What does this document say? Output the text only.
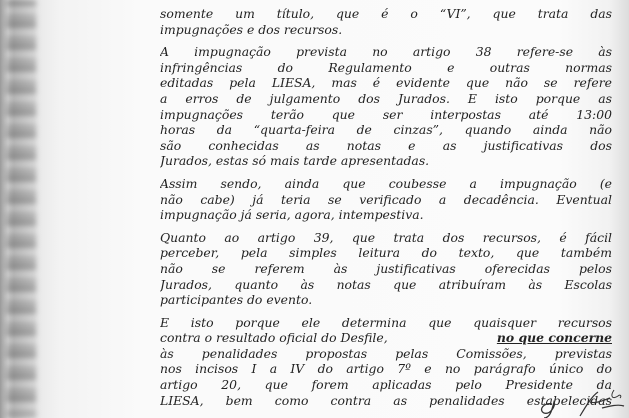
somente um título, que é o “VI”, que trata das
impugnações e dos recursos.
A impugnação prevista no artigo 38 refere-se às
infringências do Regulamento e outras normas
editadas pela LIESA, mas é evidente que não se refere
a erros de julgamento dos Jurados. E isto porque as
impugnações terão que ser interpostas até 13:00
horas da “quarta-feira de cinzas”, quando ainda não
são conhecidas as notas e as justificativas dos
Jurados, estas só mais tarde apresentadas.
Assim sendo, ainda que coubesse a impugnação (e
não cabe) já teria se verificado a decadência. Eventual
impugnação já seria, agora, intempestiva.
Quanto ao artigo 39, que trata dos recursos, é fácil
perceber, pela simples leitura do texto, que também
não se referem às justificativas oferecidas pelos
Jurados, quanto às notas que atribuíram às Escolas
participantes do evento.
E isto porque ele determina que quaisquer recursos
contra o resultado oficial do Desfile,	no que concerne
às penalidades propostas pelas Comissões, previstas
nos incisos I a IV do artigo 7º e no parágrafo único do
artigo 20, que forem aplicadas pelo Presidente da
LIESA, bem como contra as penalidades estabelecidas
